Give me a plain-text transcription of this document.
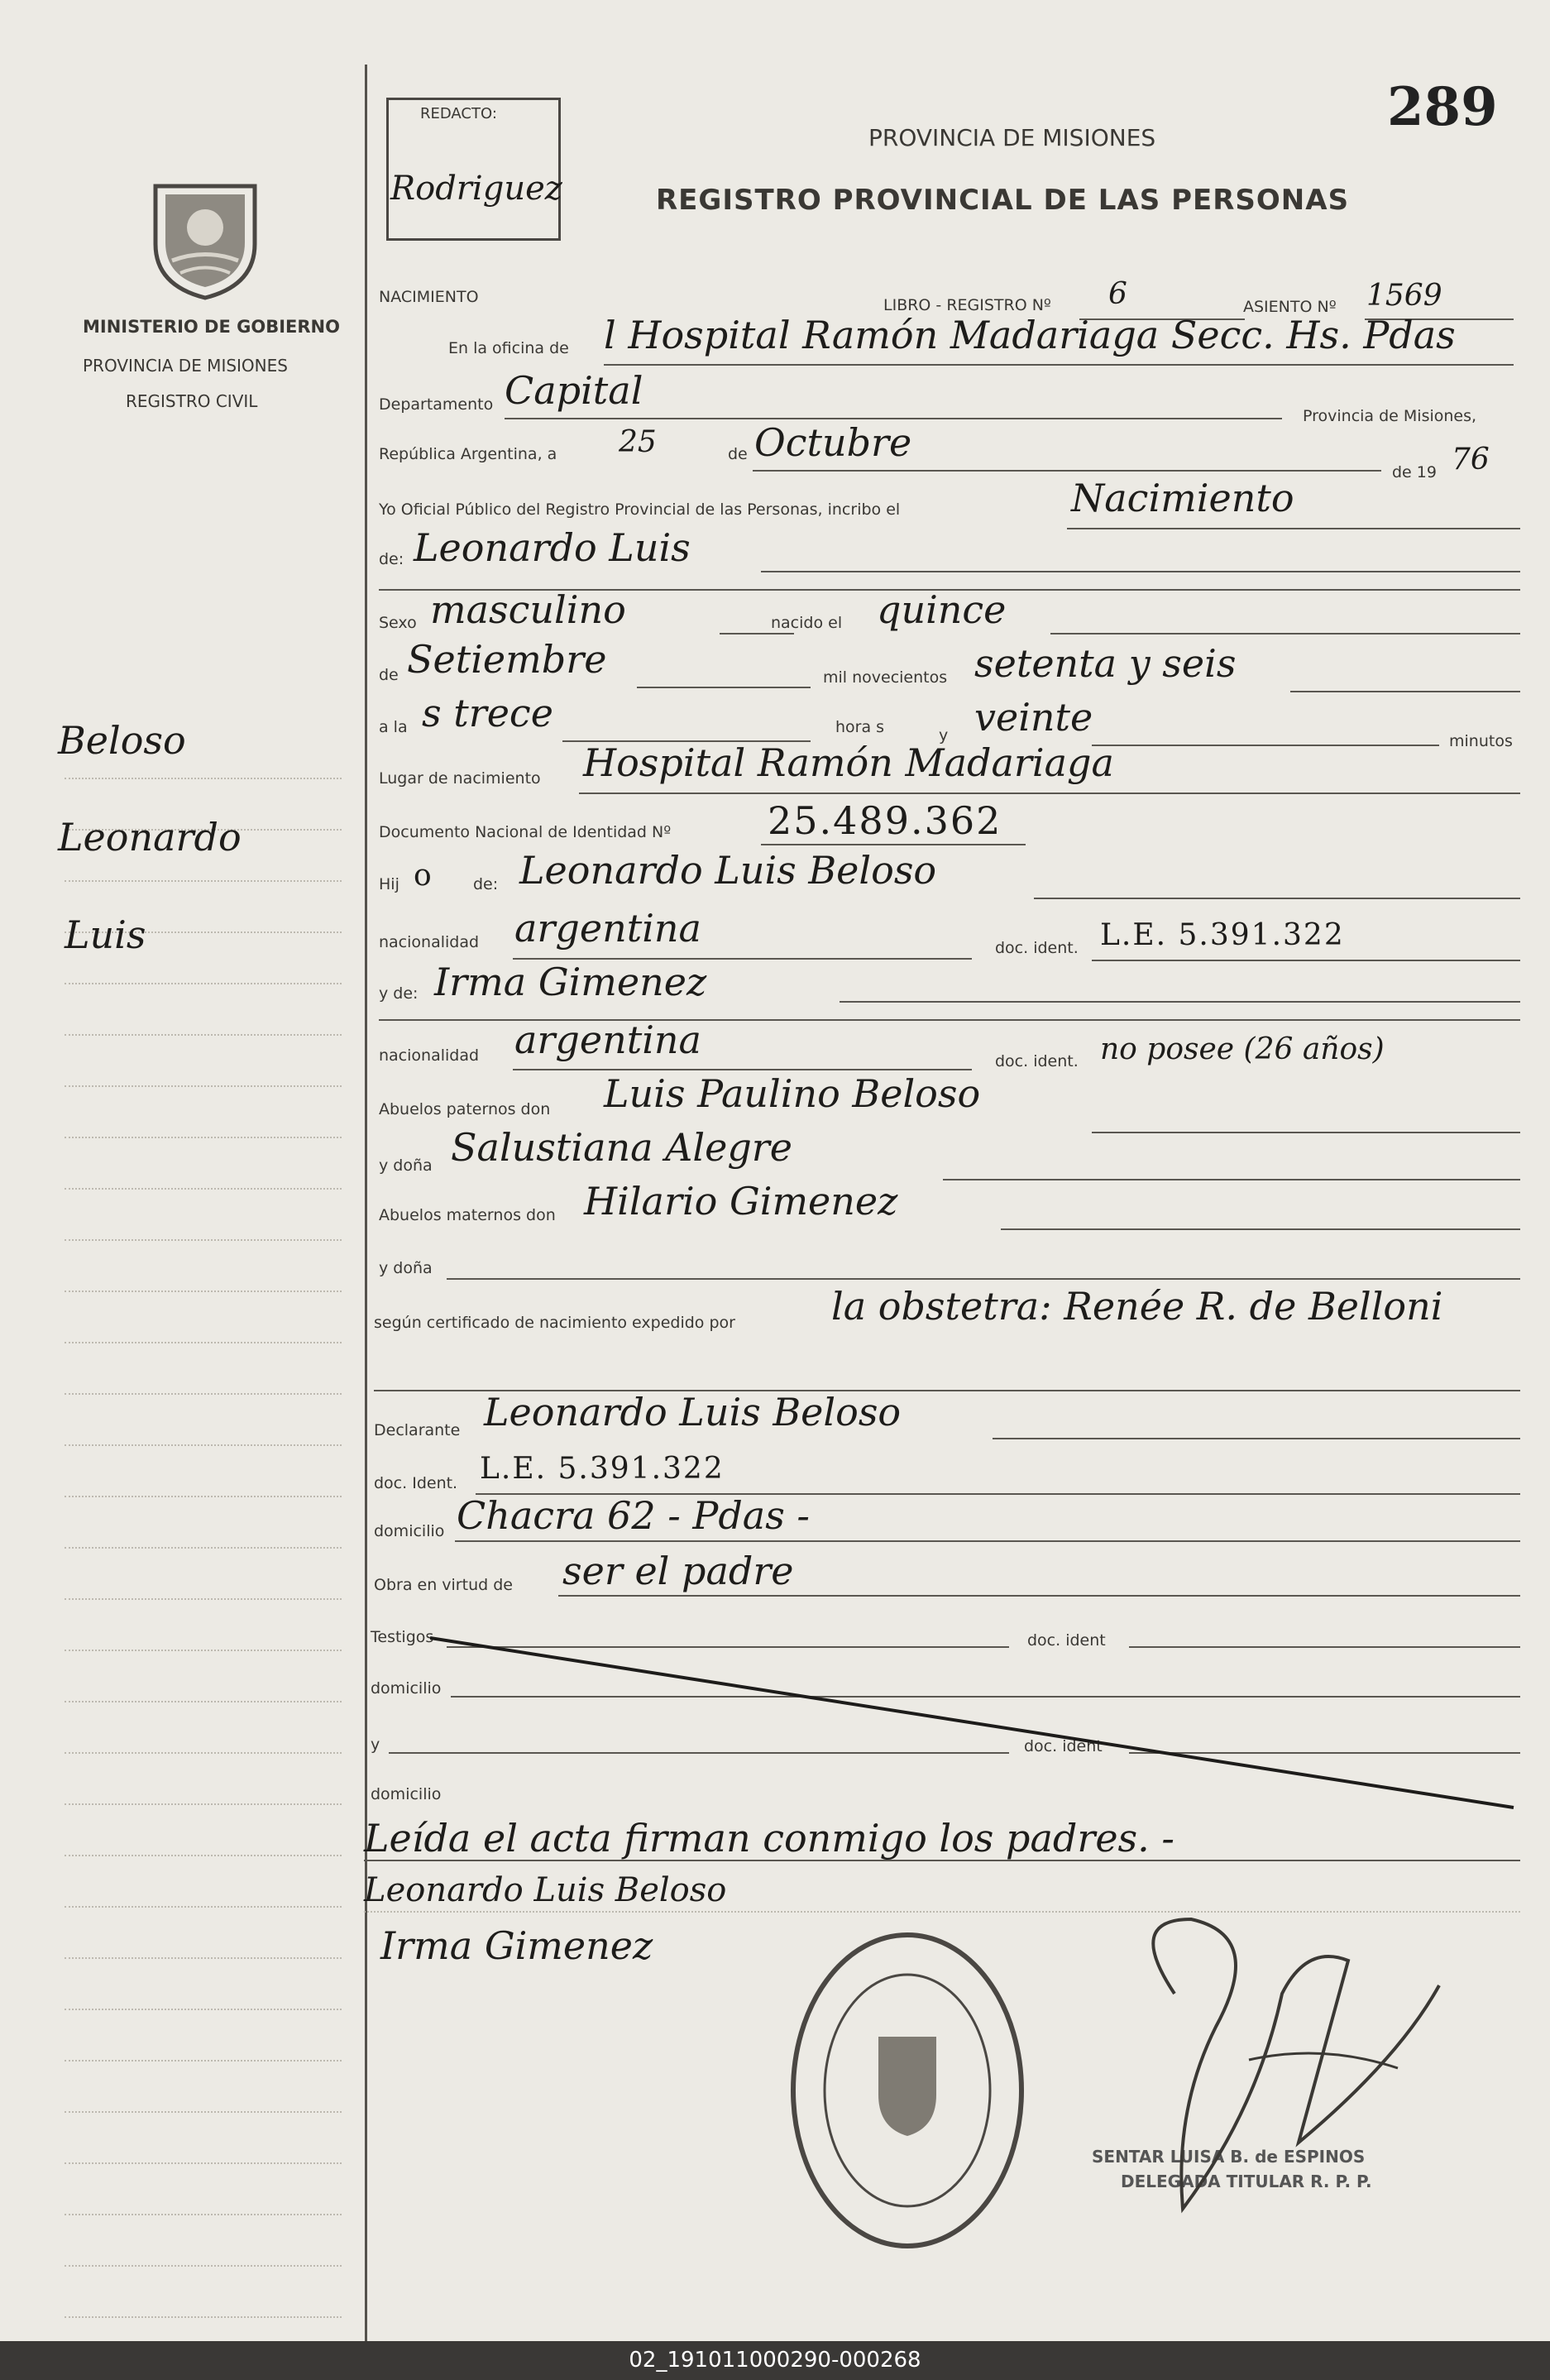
MINISTERIO DE GOBIERNO
PROVINCIA DE MISIONES
REGISTRO CIVIL
Beloso
Leonardo
Luis
REDACTO:
Rodriguez
289
PROVINCIA DE MISIONES
REGISTRO PROVINCIAL DE LAS PERSONAS
NACIMIENTO	LIBRO - REGISTRO Nº 6	ASIENTO Nº 1569
En la oficina de l Hospital Ramón Madariaga Secc. Hs. Pdas
Departamento Capital
Provincia de Misiones,
República Argentina, a 25	de Octubre
de 19 76
Yo Oficial Público del Registro Provincial de las Personas, incribo el	Nacimiento
de: Leonardo Luis
Sexo masculino	nacido el quince
de Setiembre	mil novecientos setenta y seis
a la s trece	hora s	y veinte
minutos
Lugar de nacimiento Hospital Ramón Madariaga
Documento Nacional de Identidad Nº	25.489.362
Hij o	de: Leonardo Luis Beloso
nacionalidad argentina	doc. ident. L.E. 5.391.322
y de: Irma Gimenez
nacionalidad argentina	doc. ident. no posee (26 años)
Abuelos paternos don Luis Paulino Beloso
y doña Salustiana Alegre
Abuelos maternos don Hilario Gimenez
y doña
según certificado de nacimiento expedido por	la obstetra: Renée R. de Belloni
Declarante Leonardo Luis Beloso
doc. Ident. L.E. 5.391.322
domicilio Chacra 62 - Pdas -
Obra en virtud de ser el padre
Testigos	doc. ident
domicilio
y	doc. ident
domicilio
Leída el acta firman conmigo los padres. -
Leonardo Luis Beloso
Irma Gimenez
SENTAR LUISA B. de ESPINOS
DELEGADA TITULAR R. P. P.
02_191011000290-000268
